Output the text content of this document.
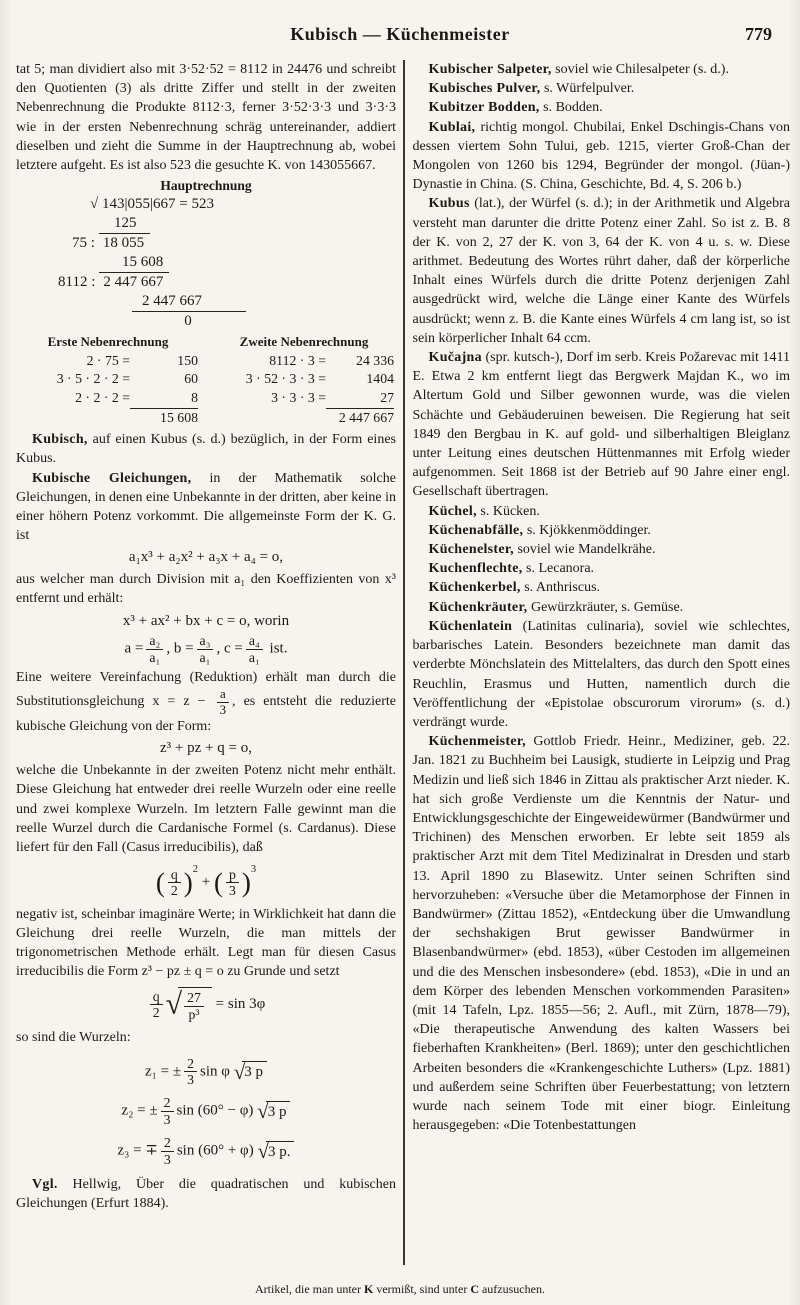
Kubisch — Küchenmeister	779

tat 5; man dividiert also mit 3·52·52 = 8112 in 24476 und schreibt den Quotienten (3) als dritte Ziffer und stellt in der zweiten Nebenrechnung die Produkte 8112·3, ferner 3·52·3·3 und 3·3·3 wie in der ersten Nebenrechnung schräg untereinander, addiert dieselben und zieht die Summe in der Hauptrechnung ab, wobei letztere aufgeht. Es ist also 523 die gesuchte K. von 143055667.

Hauptrechnung
√ 143|055|667 = 523
125
75 : 18 055
15 608
8112 : 2 447 667
2 447 667
0
Erste Nebenrechnung
2 · 75 =	150
3 · 5 · 2 · 2 =	60
2 · 2 · 2 =	8
15 608
Zweite Nebenrechnung
8112 · 3 =	24 336
3 · 52 · 3 · 3 =	1404
3 · 3 · 3 =	27
2 447 667

Kubisch, auf einen Kubus (s. d.) bezüglich, in der Form eines Kubus.

Kubische Gleichungen, in der Mathematik solche Gleichungen, in denen eine Unbekannte in der dritten, aber keine in einer höhern Potenz vorkommt. Die allgemeinste Form der K. G. ist

a₁x³ + a₂x² + a₃x + a₄ = o,

aus welcher man durch Division mit a₁ den Koeffizienten von x³ entfernt und erhält:

x³ + ax² + bx + c = o, worin
$a = \frac{\text{a₂}}{\text{a₁}}$ , $b = \frac{\text{a₃}}{\text{a₁}}$ , $c = \frac{\text{a₄}}{\text{a₁}}$ ist.

Eine weitere Vereinfachung (Reduktion) erhält man durch die Substitutionsgleichung $x = z - \frac{a}{3}$ , es entsteht die reduzierte kubische Gleichung von der Form:

z³ + pz + q = o,

welche die Unbekannte in der zweiten Potenz nicht mehr enthält. Diese Gleichung hat entweder drei reelle Wurzeln oder eine reelle und zwei komplexe Wurzeln. Im letztern Falle gewinnt man die reelle Wurzel durch die Cardanische Formel (s. Cardanus). Diese liefert für den Fall (Casus irreducibilis), daß

( $\frac{q}{2} )^2$ + ( $\frac{p}{3} )^3$

negativ ist, scheinbar imaginäre Werte; in Wirklichkeit hat dann die Gleichung drei reelle Wurzeln, die man mittels der trigonometrischen Methode erhält. Legt man für diesen Casus irreducibilis die Form z³ − pz ± q = o zu Grunde und setzt

$\frac{q}{2}$ √ $\frac{27}{\text{p³}} = \sin 3\varphi$

so sind die Wurzeln:

z₁ = ± $\frac{2}{3}$ sin φ √3 p
z₂ = ± $\frac{2}{3}$ sin (60° − φ) √3 p
z₃ = ∓ $\frac{2}{3}$ sin (60° + φ) √3 p.

Vgl. Hellwig, Über die quadratischen und kubischen Gleichungen (Erfurt 1884).

Kubischer Salpeter, soviel wie Chilesalpeter (s. d.).

Kubisches Pulver, s. Würfelpulver.

Kubitzer Bodden, s. Bodden.

Kublai, richtig mongol. Chubilai, Enkel Dschingis-Chans von dessen viertem Sohn Tului, geb. 1215, vierter Groß-Chan der Mongolen von 1260 bis 1294, Begründer der mongol. (Jüan-) Dynastie in China. (S. China, Geschichte, Bd. 4, S. 206 b.)

Kubus (lat.), der Würfel (s. d.); in der Arithmetik und Algebra versteht man darunter die dritte Potenz einer Zahl. So ist z. B. 8 der K. von 2, 27 der K. von 3, 64 der K. von 4 u. s. w. Diese arithmet. Bedeutung des Wortes rührt daher, daß der körperliche Inhalt eines Würfels durch die dritte Potenz derjenigen Zahl ausgedrückt wird, welche die Länge einer Kante des Würfels ausdrückt; wenn z. B. die Kante eines Würfels 4 cm lang ist, so ist sein körperlicher Inhalt 64 ccm.

Kučajna (spr. kutsch-), Dorf im serb. Kreis Požarevac mit 1411 E. Etwa 2 km entfernt liegt das Bergwerk Majdan K., wo im Altertum Gold und Silber gewonnen wurde, was die vielen Schächte und Gebäuderuinen beweisen. Die Regierung hat seit 1849 den Bergbau in K. auf gold- und silberhaltigen Bleiglanz unter Leitung eines deutschen Hüttenmannes mit Erfolg wieder aufgenommen. Seit 1868 ist der Betrieb auf 90 Jahre einer engl. Gesellschaft übertragen.

Küchel, s. Kücken.

Küchenabfälle, s. Kjökkenmöddinger.

Küchenelster, soviel wie Mandelkrähe.

Kuchenflechte, s. Lecanora.

Küchenkerbel, s. Anthriscus.

Küchenkräuter, Gewürzkräuter, s. Gemüse.

Küchenlatein (Latinitas culinaria), soviel wie schlechtes, barbarisches Latein. Besonders bezeichnete man damit das verderbte Mönchslatein des Mittelalters, das durch den Spott eines Reuchlin, Erasmus und Hutten, namentlich durch die Veröffentlichung der «Epistolae obscurorum virorum» (s. d.) verdrängt wurde.

Küchenmeister, Gottlob Friedr. Heinr., Mediziner, geb. 22. Jan. 1821 zu Buchheim bei Lausigk, studierte in Leipzig und Prag Medizin und ließ sich 1846 in Zittau als praktischer Arzt nieder. K. hat sich große Verdienste um die Kenntnis der Natur- und Entwicklungsgeschichte der Eingeweidewürmer (Bandwürmer und Trichinen) des Menschen erworben. Er lebte seit 1859 als praktischer Arzt mit dem Titel Medizinalrat in Dresden und starb 13. April 1890 zu Blasewitz. Unter seinen Schriften sind hervorzuheben: «Versuche über die Metamorphose der Finnen in Bandwürmer» (Zittau 1852), «Entdeckung über die Umwandlung der sechshakigen Brut gewisser Bandwürmer in Blasenbandwürmer» (ebd. 1853), «über Cestoden im allgemeinen und die des Menschen insbesondere» (ebd. 1853), «Die in und an dem Körper des lebenden Menschen vorkommenden Parasiten» (mit 14 Tafeln, Lpz. 1855—56; 2. Aufl., mit Zürn, 1878—79), «Die therapeutische Anwendung des kalten Wassers bei fieberhaften Krankheiten» (Berl. 1869); unter den geschichtlichen Arbeiten besonders die «Krankengeschichte Luthers» (Lpz. 1881) und außerdem seine Schriften über Feuerbestattung; von letztern wurde nach seinem Tode mit einer biogr. Einleitung herausgegeben: «Die Totenbestattungen

Artikel, die man unter K vermißt, sind unter C aufzusuchen.
